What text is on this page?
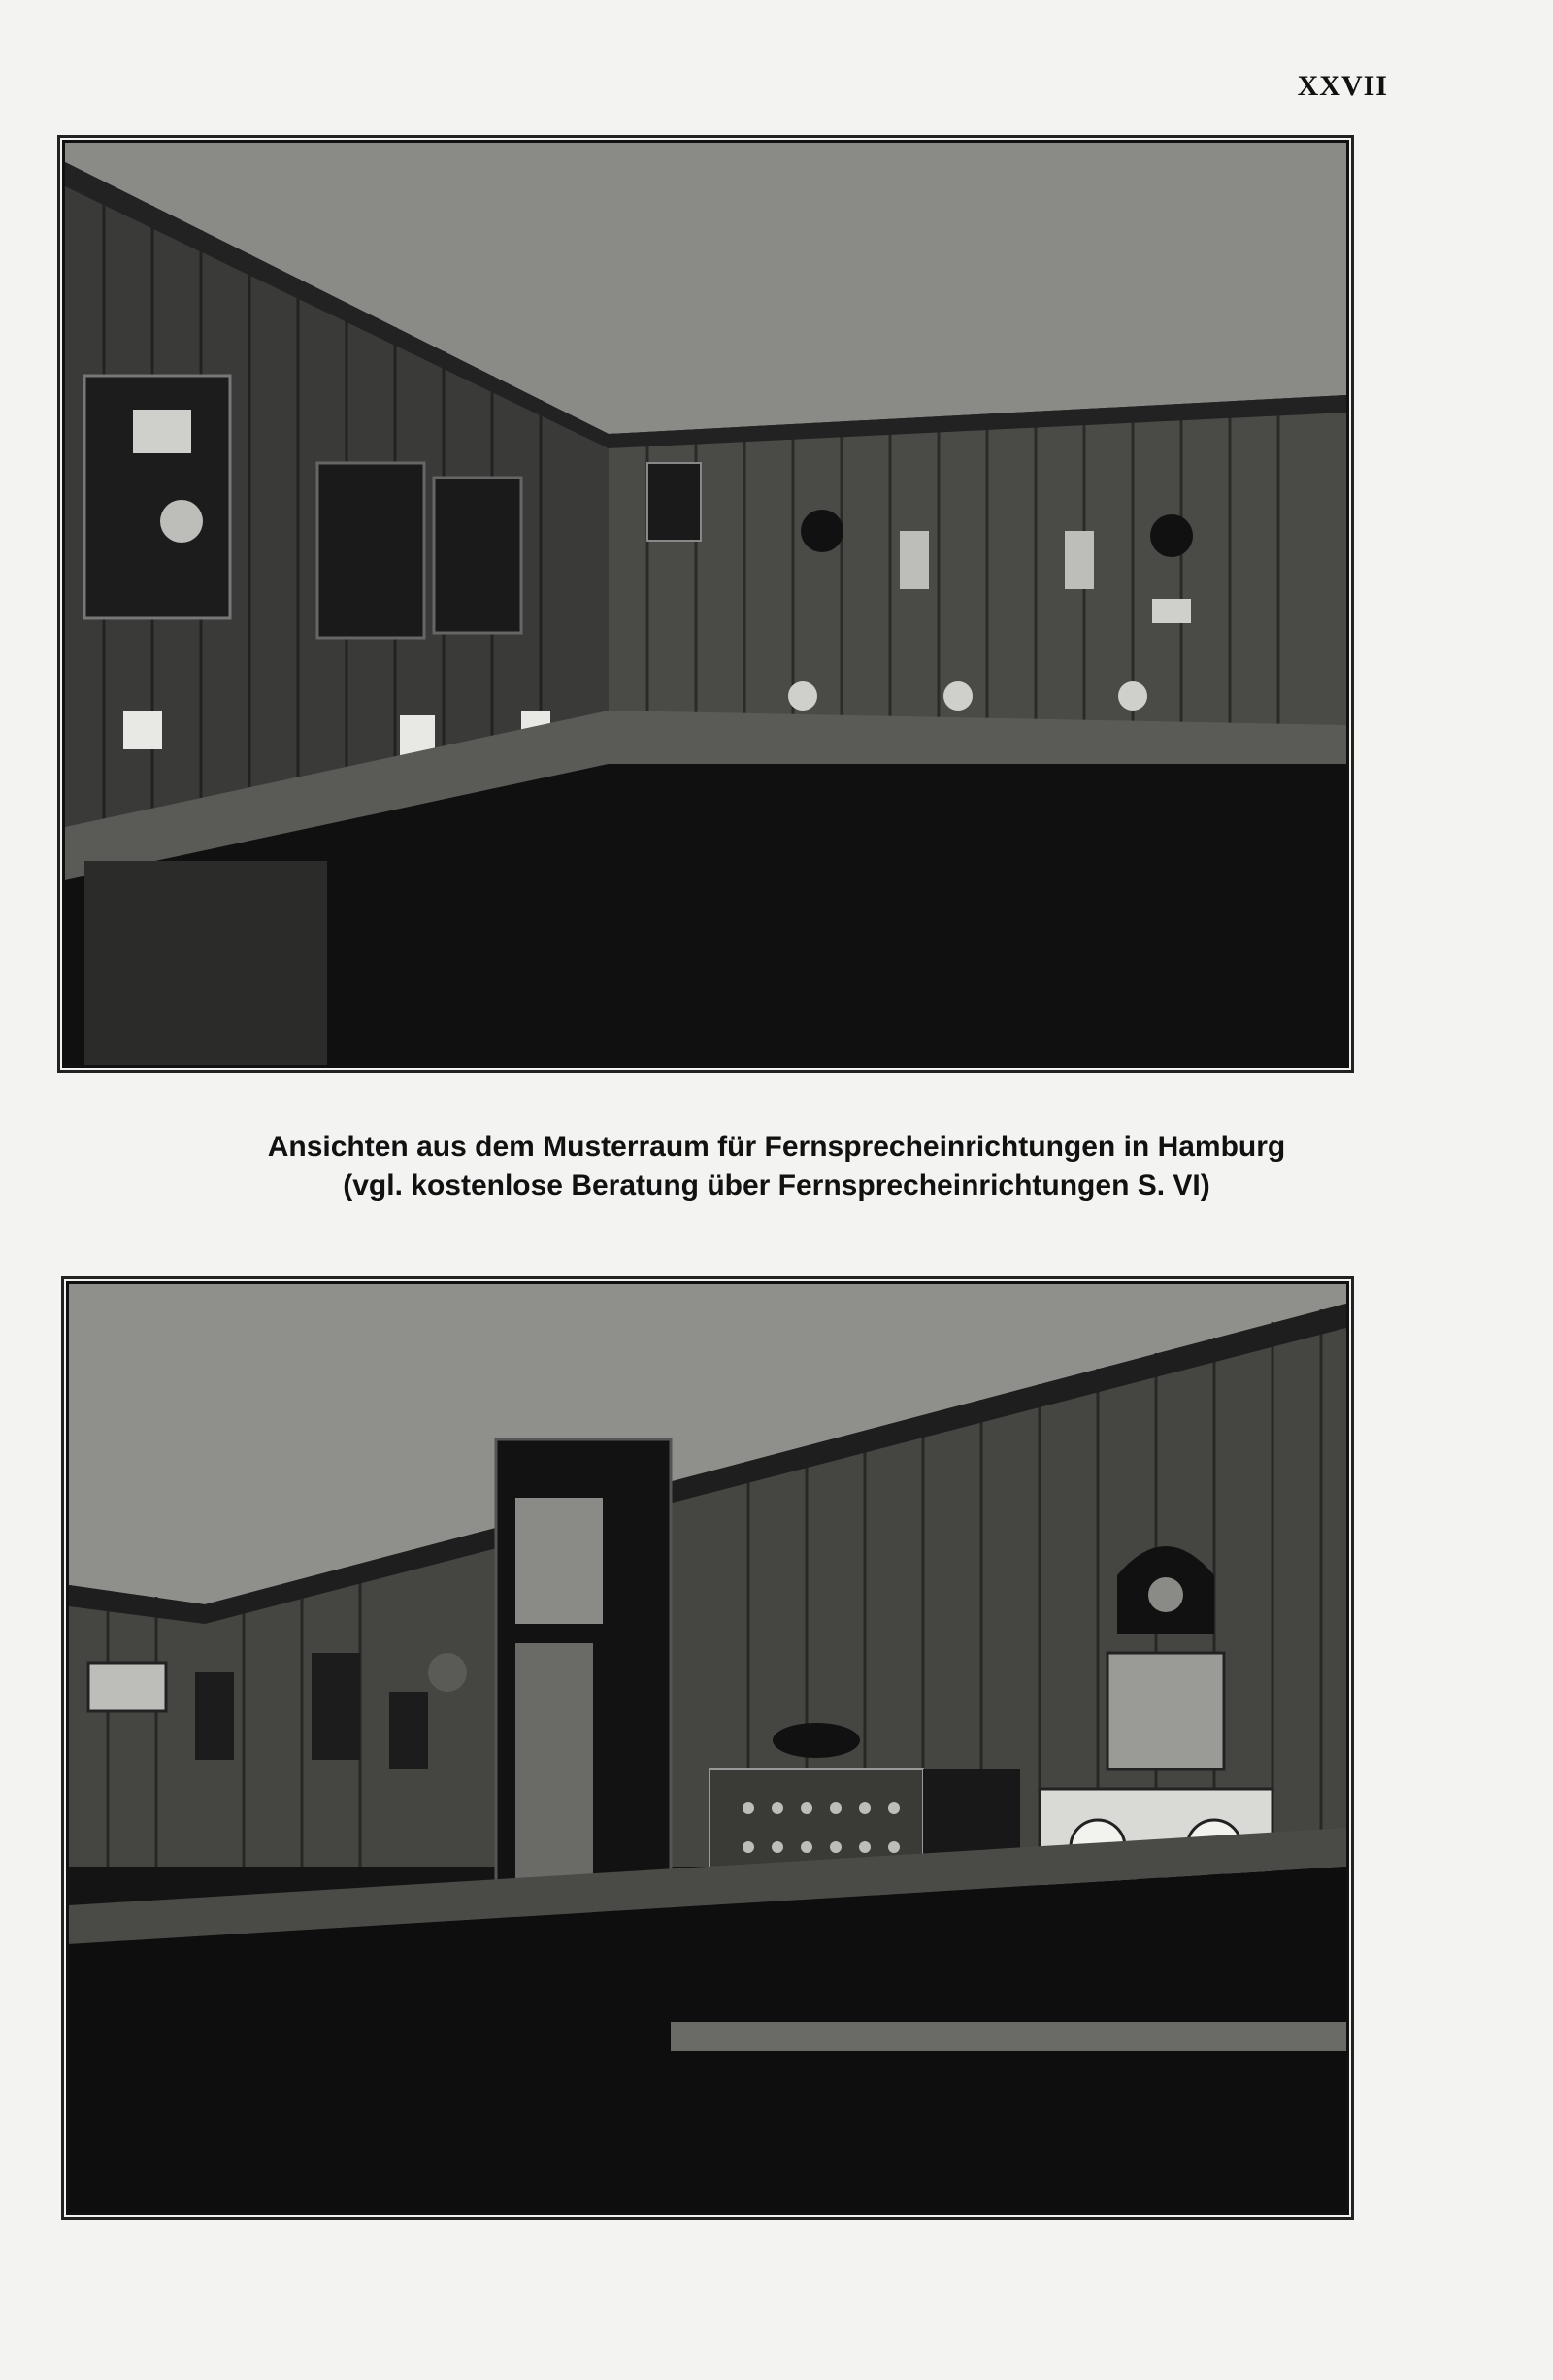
XXVII
Ansichten aus dem Musterraum für Fernsprecheinrichtungen in Hamburg
(vgl. kostenlose Beratung über Fernsprecheinrichtungen S. VI)
